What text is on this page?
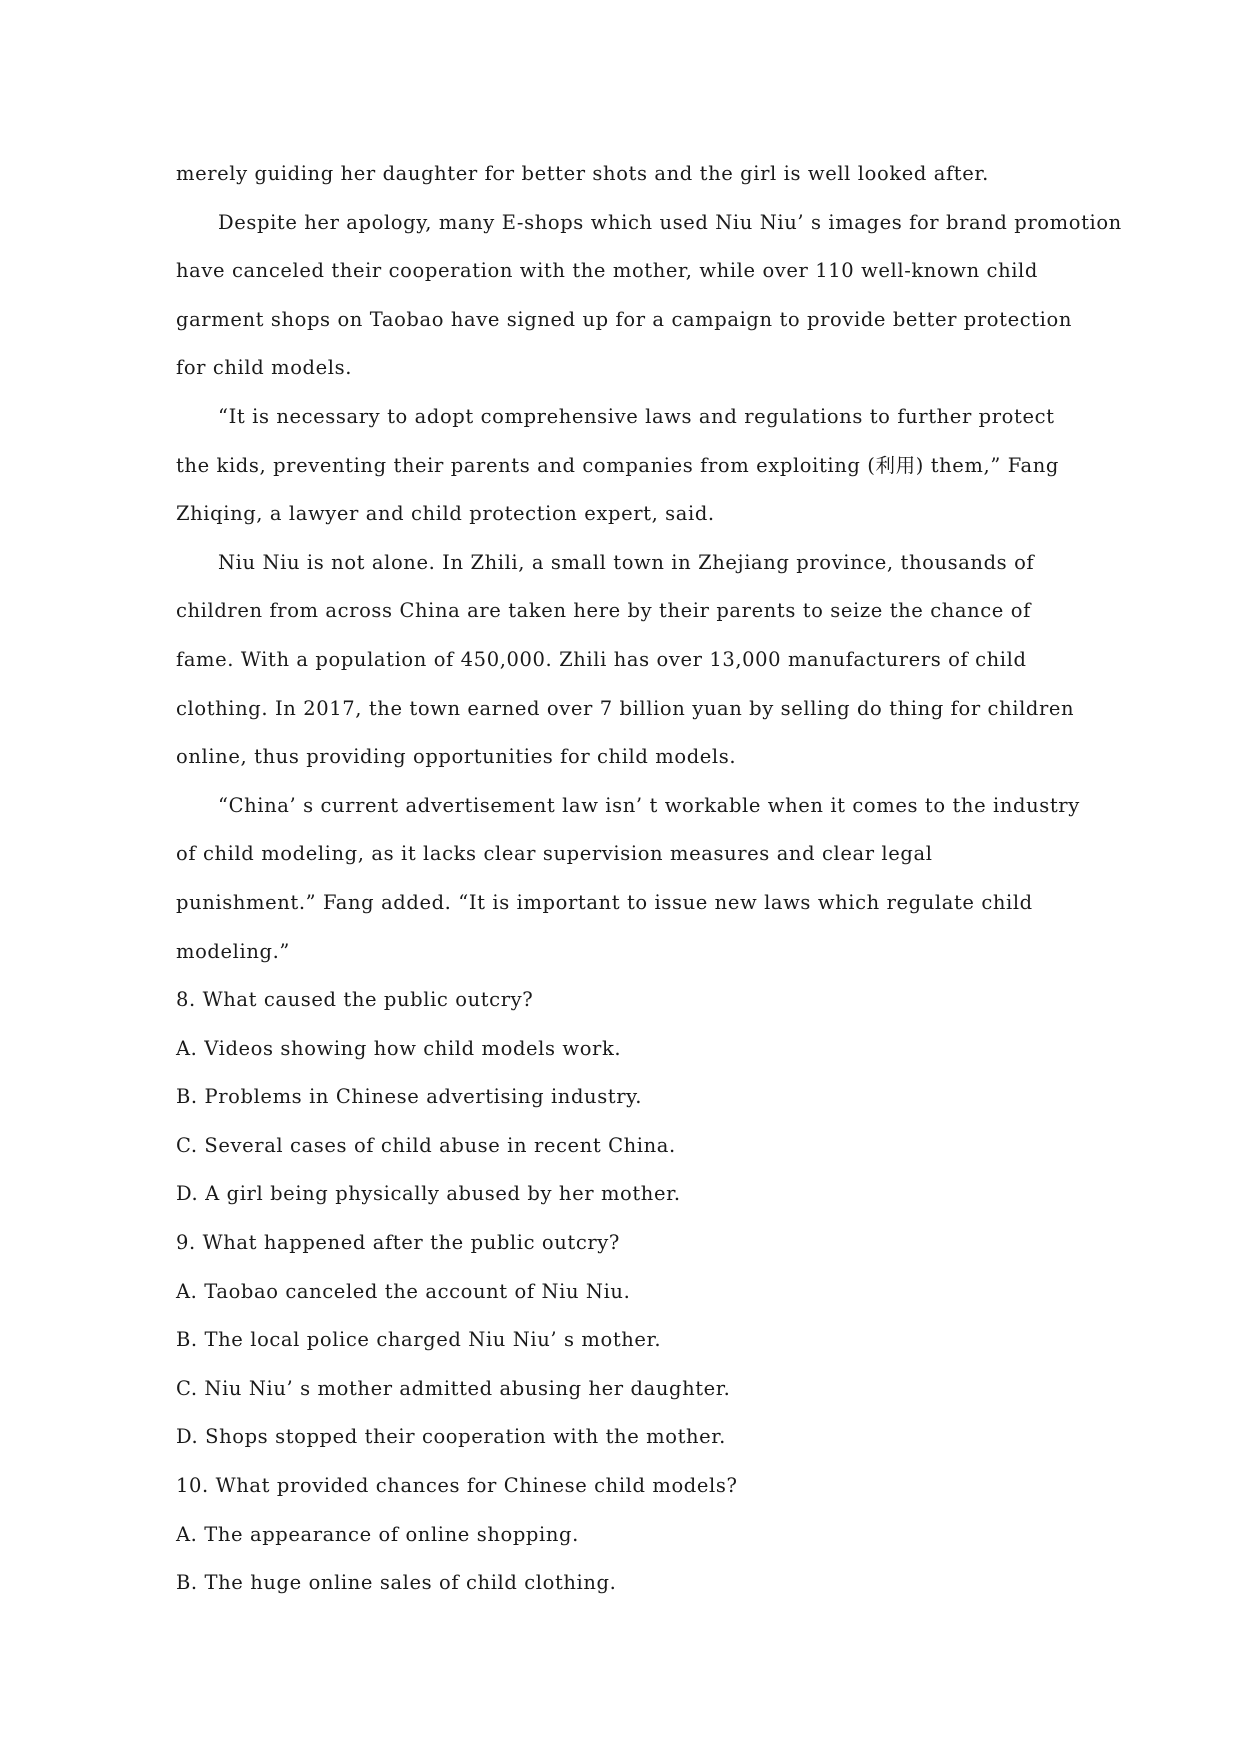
merely guiding her daughter for better shots and the girl is well looked after.
Despite her apology, many E-shops which used Niu Niu’ s images for brand promotion
have canceled their cooperation with the mother, while over 110 well-known child
garment shops on Taobao have signed up for a campaign to provide better protection
for child models.
“It is necessary to adopt comprehensive laws and regulations to further protect
the kids, preventing their parents and companies from exploiting (利用) them,” Fang
Zhiqing, a lawyer and child protection expert, said.
Niu Niu is not alone. In Zhili, a small town in Zhejiang province, thousands of
children from across China are taken here by their parents to seize the chance of
fame. With a population of 450,000. Zhili has over 13,000 manufacturers of child
clothing. In 2017, the town earned over 7 billion yuan by selling do thing for children
online, thus providing opportunities for child models.
“China’ s current advertisement law isn’ t workable when it comes to the industry
of child modeling, as it lacks clear supervision measures and clear legal
punishment.” Fang added. “It is important to issue new laws which regulate child
modeling.”
8. What caused the public outcry?
A. Videos showing how child models work.
B. Problems in Chinese advertising industry.
C. Several cases of child abuse in recent China.
D. A girl being physically abused by her mother.
9. What happened after the public outcry?
A. Taobao canceled the account of Niu Niu.
B. The local police charged Niu Niu’ s mother.
C. Niu Niu’ s mother admitted abusing her daughter.
D. Shops stopped their cooperation with the mother.
10. What provided chances for Chinese child models?
A. The appearance of online shopping.
B. The huge online sales of child clothing.
